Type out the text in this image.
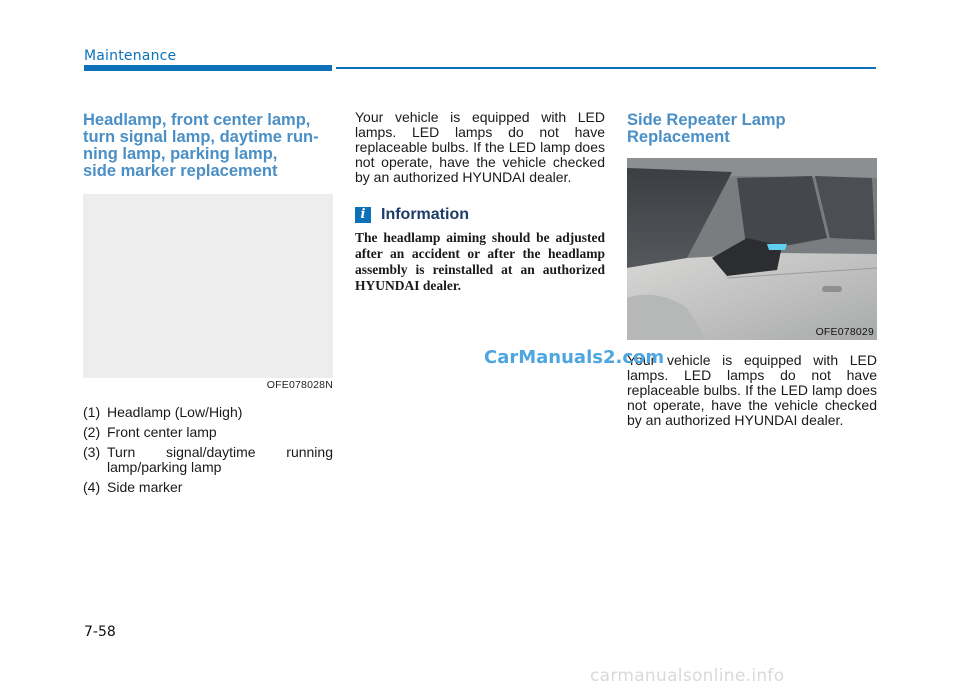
Maintenance
Headlamp, front center lamp,
turn signal lamp, daytime run-
ning lamp, parking lamp,
side marker replacement
OFE078028N
(1) Headlamp (Low/High)
(2) Front center lamp
(3) Turn signal/daytime running lamp/parking lamp
(4) Side marker

Your vehicle is equipped with LED lamps. LED lamps do not have replaceable bulbs. If the LED lamp does not operate, have the vehicle checked by an authorized HYUNDAI dealer.

i Information

The headlamp aiming should be adjusted after an accident or after the headlamp assembly is reinstalled at an authorized HYUNDAI dealer.

Side Repeater Lamp
Replacement
OFE078029

Your vehicle is equipped with LED lamps. LED lamps do not have replaceable bulbs. If the LED lamp does not operate, have the vehicle checked by an authorized HYUNDAI dealer.

CarManuals2.com
7-58
carmanualsonline.info
